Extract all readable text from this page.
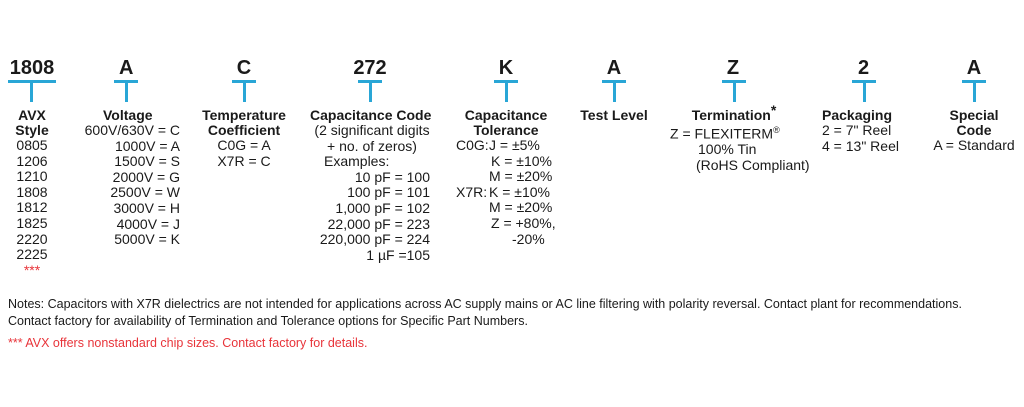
1808
AVX
Style
0805
1206
1210
1808
1812
1825
2220
2225
***
A
Voltage
600V/630V = C
1000V = A
1500V = S
2000V = G
2500V = W
3000V = H
4000V = J
5000V = K
C
Temperature
Coefficient
C0G = A
X7R = C
272
Capacitance Code
(2 significant digits
+ no. of zeros)
Examples:
10 pF = 100
100 pF = 101
1,000 pF = 102
22,000 pF = 223
220,000 pF = 224
1 µF =105
K
Capacitance
Tolerance
C0G: J = ±5%
K = ±10%
M = ±20%
X7R: K = ±10%
M = ±20%
Z = +80%,
-20%
A
Test Level
Z
Termination*
Z = FLEXITERM®
100% Tin
(RoHS Compliant)
2
Packaging
2 = 7" Reel
4 = 13" Reel
A
Special
Code
A = Standard
Notes: Capacitors with X7R dielectrics are not intended for applications across AC supply mains or AC line filtering with polarity reversal. Contact plant for recommendations. Contact factory for availability of Termination and Tolerance options for Specific Part Numbers.
*** AVX offers nonstandard chip sizes. Contact factory for details.
